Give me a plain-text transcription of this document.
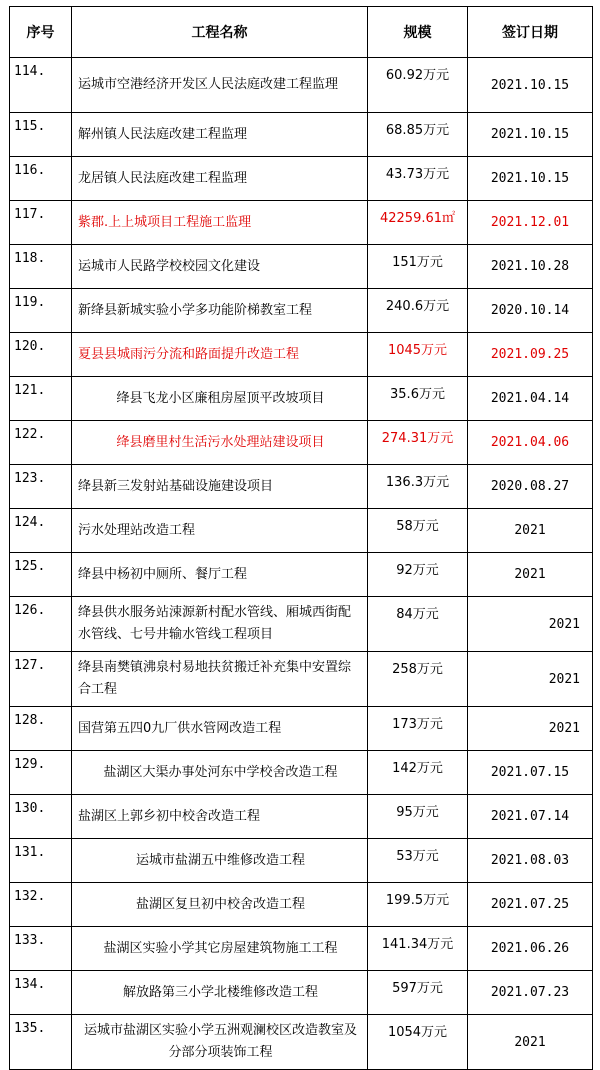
序号	工程名称	规模	签订日期
114.	运城市空港经济开发区人民法庭改建工程监理	60.92万元	2021.10.15
115.	解州镇人民法庭改建工程监理	68.85万元	2021.10.15
116.	龙居镇人民法庭改建工程监理	43.73万元	2021.10.15
117.	紫郡.上上城项目工程施工监理	42259.61㎡	2021.12.01
118.	运城市人民路学校校园文化建设	151万元	2021.10.28
119.	新绛县新城实验小学多功能阶梯教室工程	240.6万元	2020.10.14
120.	夏县县城雨污分流和路面提升改造工程	1045万元	2021.09.25
121.	绛县飞龙小区廉租房屋顶平改坡项目	35.6万元	2021.04.14
122.	绛县磨里村生活污水处理站建设项目	274.31万元	2021.04.06
123.	绛县新三发射站基础设施建设项目	136.3万元	2020.08.27
124.	污水处理站改造工程	58万元	2021
125.	绛县中杨初中厕所、餐厅工程	92万元	2021
126.	绛县供水服务站涑源新村配水管线、厢城西街配水管线、七号井输水管线工程项目	84万元	2021
127.	绛县南樊镇沸泉村易地扶贫搬迁补充集中安置综合工程	258万元	2021
128.	国营第五四0九厂供水管网改造工程	173万元	2021
129.	盐湖区大渠办事处河东中学校舍改造工程	142万元	2021.07.15
130.	盐湖区上郭乡初中校舍改造工程	95万元	2021.07.14
131.	运城市盐湖五中维修改造工程	53万元	2021.08.03
132.	盐湖区复旦初中校舍改造工程	199.5万元	2021.07.25
133.	盐湖区实验小学其它房屋建筑物施工工程	141.34万元	2021.06.26
134.	解放路第三小学北楼维修改造工程	597万元	2021.07.23
135.	运城市盐湖区实验小学五洲观澜校区改造教室及分部分项装饰工程	1054万元	2021
